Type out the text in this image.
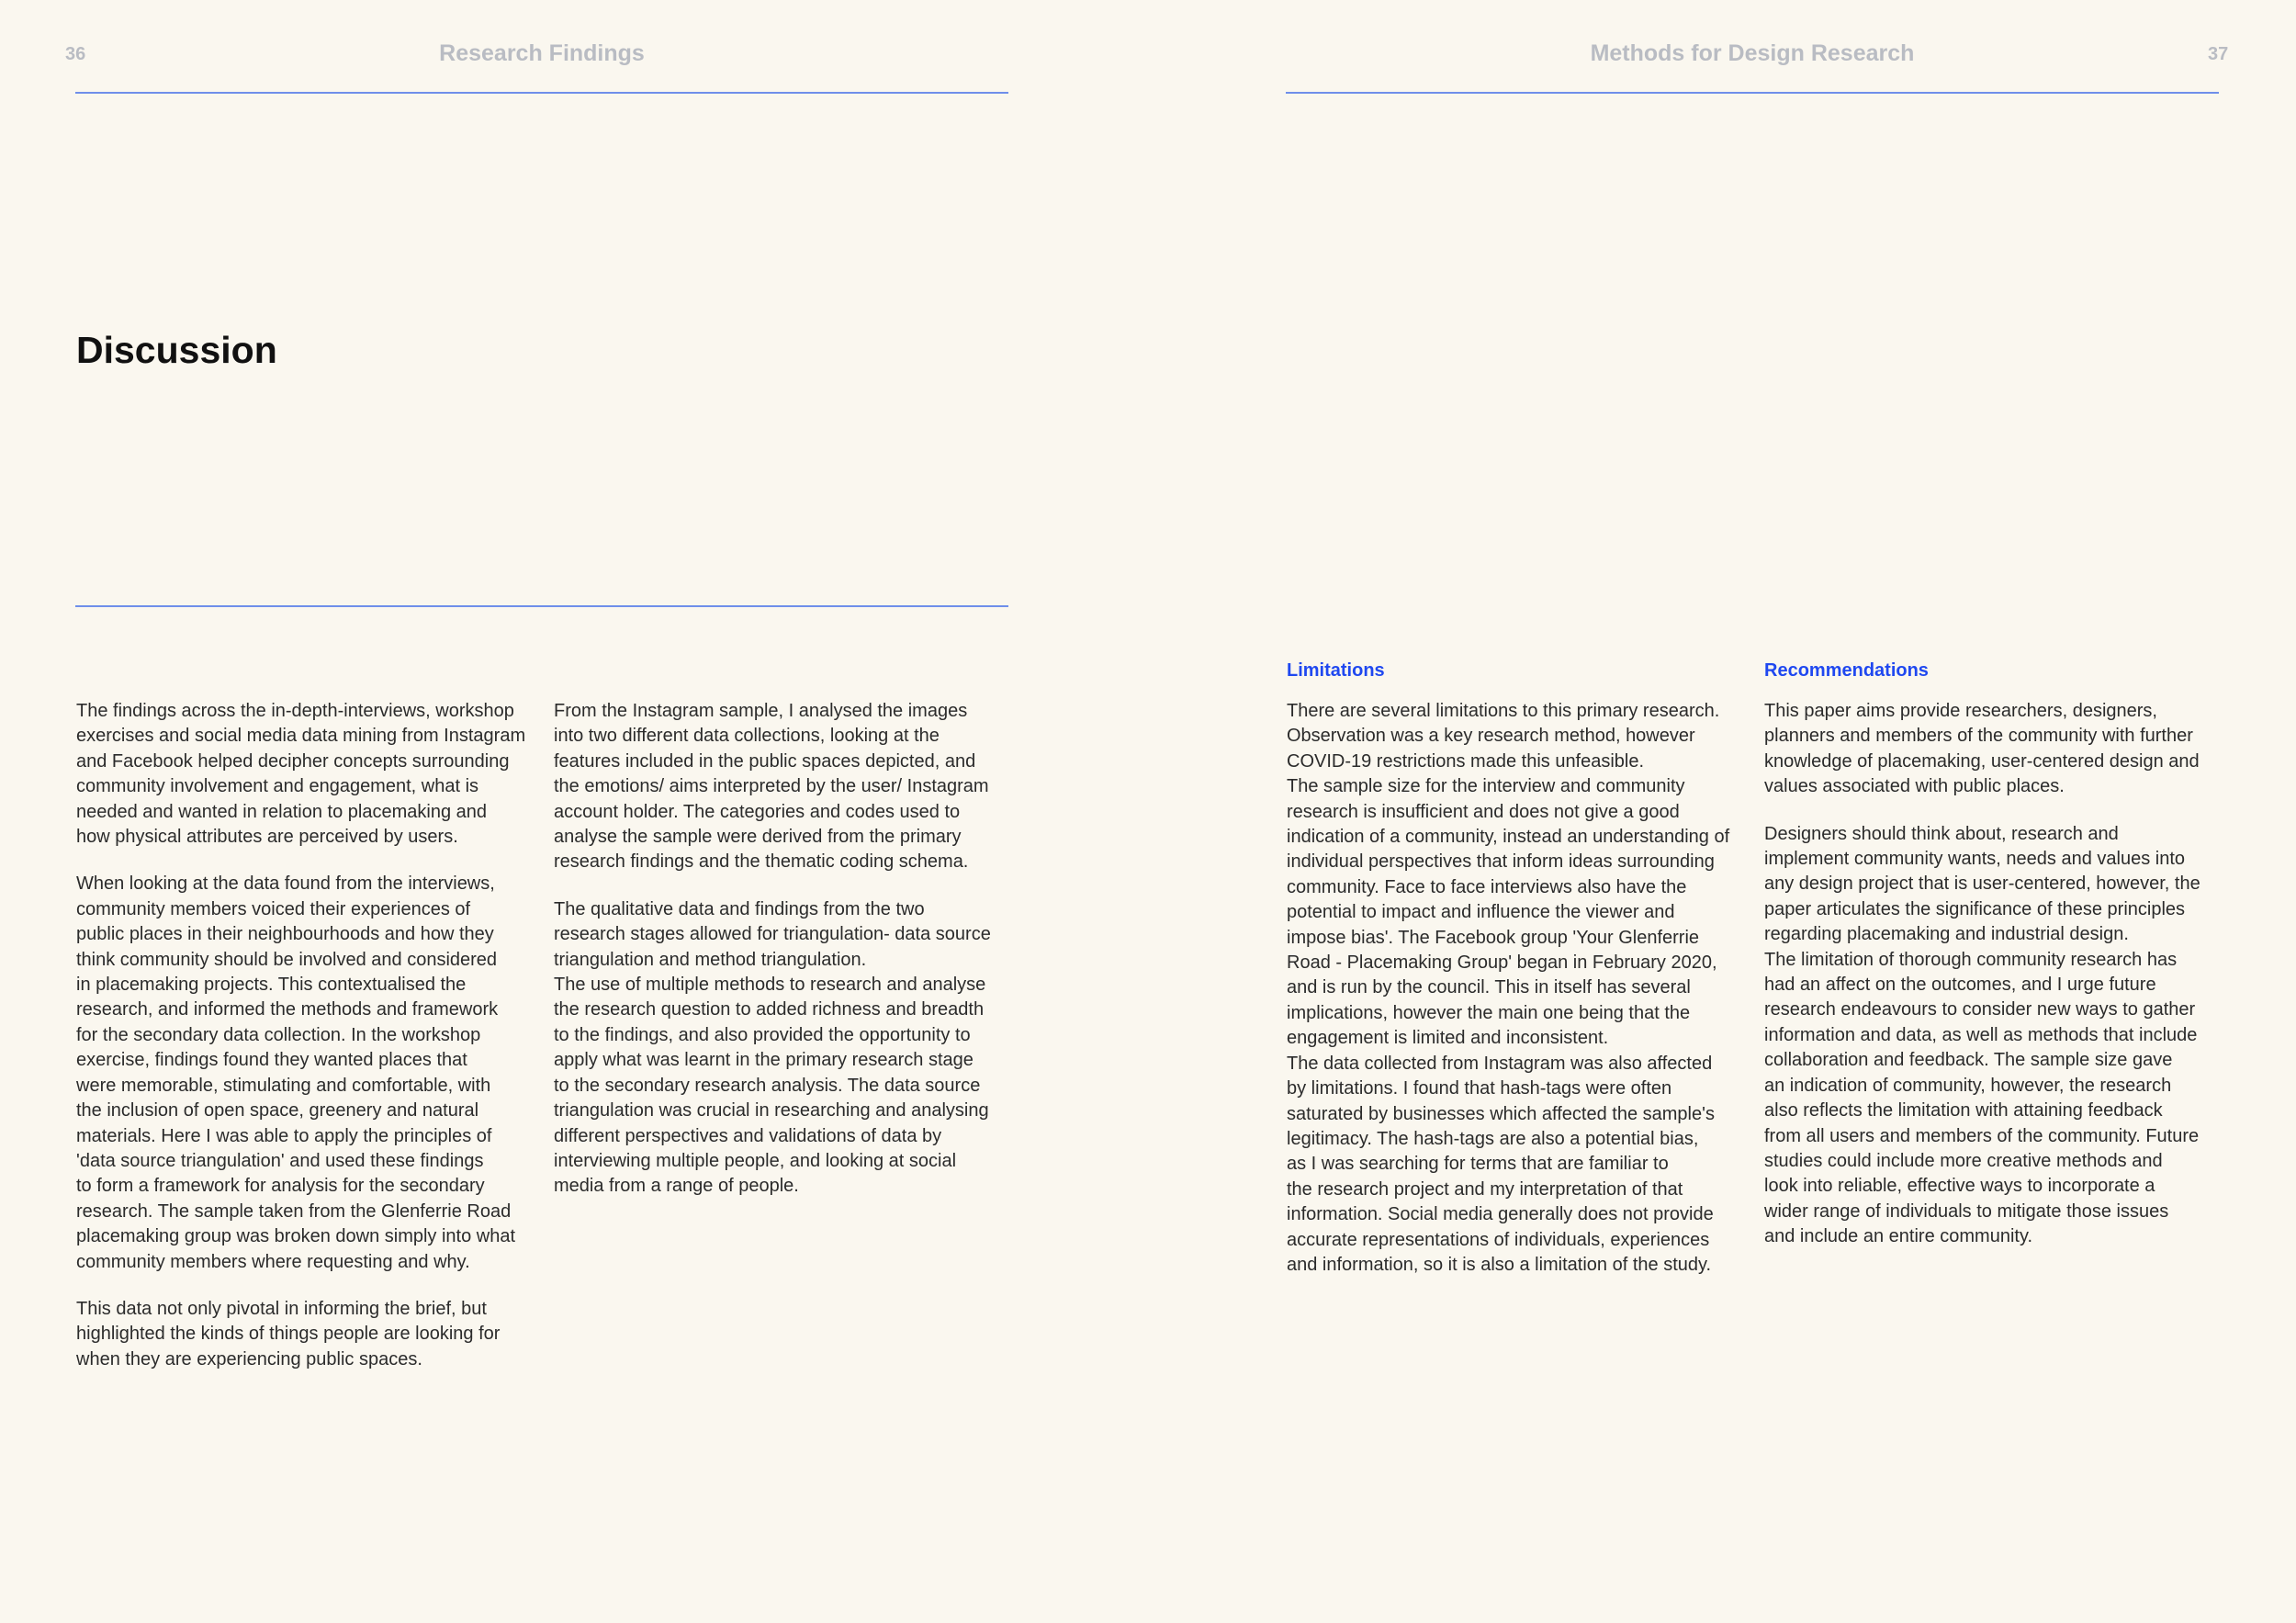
36	Research Findings
Discussion
The findings across the in-depth-interviews, workshop
exercises and social media data mining from Instagram
and Facebook helped decipher concepts surrounding
community involvement and engagement, what is
needed and wanted in relation to placemaking and
how physical attributes are perceived by users.
When looking at the data found from the interviews,
community members voiced their experiences of
public places in their neighbourhoods and how they
think community should be involved and considered
in placemaking projects. This contextualised the
research, and informed the methods and framework
for the secondary data collection. In the workshop
exercise, findings found they wanted places that
were memorable, stimulating and comfortable, with
the inclusion of open space, greenery and natural
materials. Here I was able to apply the principles of
'data source triangulation' and used these findings
to form a framework for analysis for the secondary
research. The sample taken from the Glenferrie Road
placemaking group was broken down simply into what
community members where requesting and why.
This data not only pivotal in informing the brief, but
highlighted the kinds of things people are looking for
when they are experiencing public spaces.
From the Instagram sample, I analysed the images
into two different data collections, looking at the
features included in the public spaces depicted, and
the emotions/ aims interpreted by the user/ Instagram
account holder. The categories and codes used to
analyse the sample were derived from the primary
research findings and the thematic coding schema.
The qualitative data and findings from the two
research stages allowed for triangulation- data source
triangulation and method triangulation.
The use of multiple methods to research and analyse
the research question to added richness and breadth
to the findings, and also provided the opportunity to
apply what was learnt in the primary research stage
to the secondary research analysis. The data source
triangulation was crucial in researching and analysing
different perspectives and validations of data by
interviewing multiple people, and looking at social
media from a range of people.
Methods for Design Research	37
Limitations
There are several limitations to this primary research.
Observation was a key research method, however
COVID-19 restrictions made this unfeasible.
The sample size for the interview and community
research is insufficient and does not give a good
indication of a community, instead an understanding of
individual perspectives that inform ideas surrounding
community. Face to face interviews also have the
potential to impact and influence the viewer and
impose bias'. The Facebook group 'Your Glenferrie
Road - Placemaking Group' began in February 2020,
and is run by the council. This in itself has several
implications, however the main one being that the
engagement is limited and inconsistent.
The data collected from Instagram was also affected
by limitations. I found that hash-tags were often
saturated by businesses which affected the sample's
legitimacy. The hash-tags are also a potential bias,
as I was searching for terms that are familiar to
the research project and my interpretation of that
information. Social media generally does not provide
accurate representations of individuals, experiences
and information, so it is also a limitation of the study.
Recommendations
This paper aims provide researchers, designers,
planners and members of the community with further
knowledge of placemaking, user-centered design and
values associated with public places.
Designers should think about, research and
implement community wants, needs and values into
any design project that is user-centered, however, the
paper articulates the significance of these principles
regarding placemaking and industrial design.
The limitation of thorough community research has
had an affect on the outcomes, and I urge future
research endeavours to consider new ways to gather
information and data, as well as methods that include
collaboration and feedback. The sample size gave
an indication of community, however, the research
also reflects the limitation with attaining feedback
from all users and members of the community. Future
studies could include more creative methods and
look into reliable, effective ways to incorporate a
wider range of individuals to mitigate those issues
and include an entire community.
